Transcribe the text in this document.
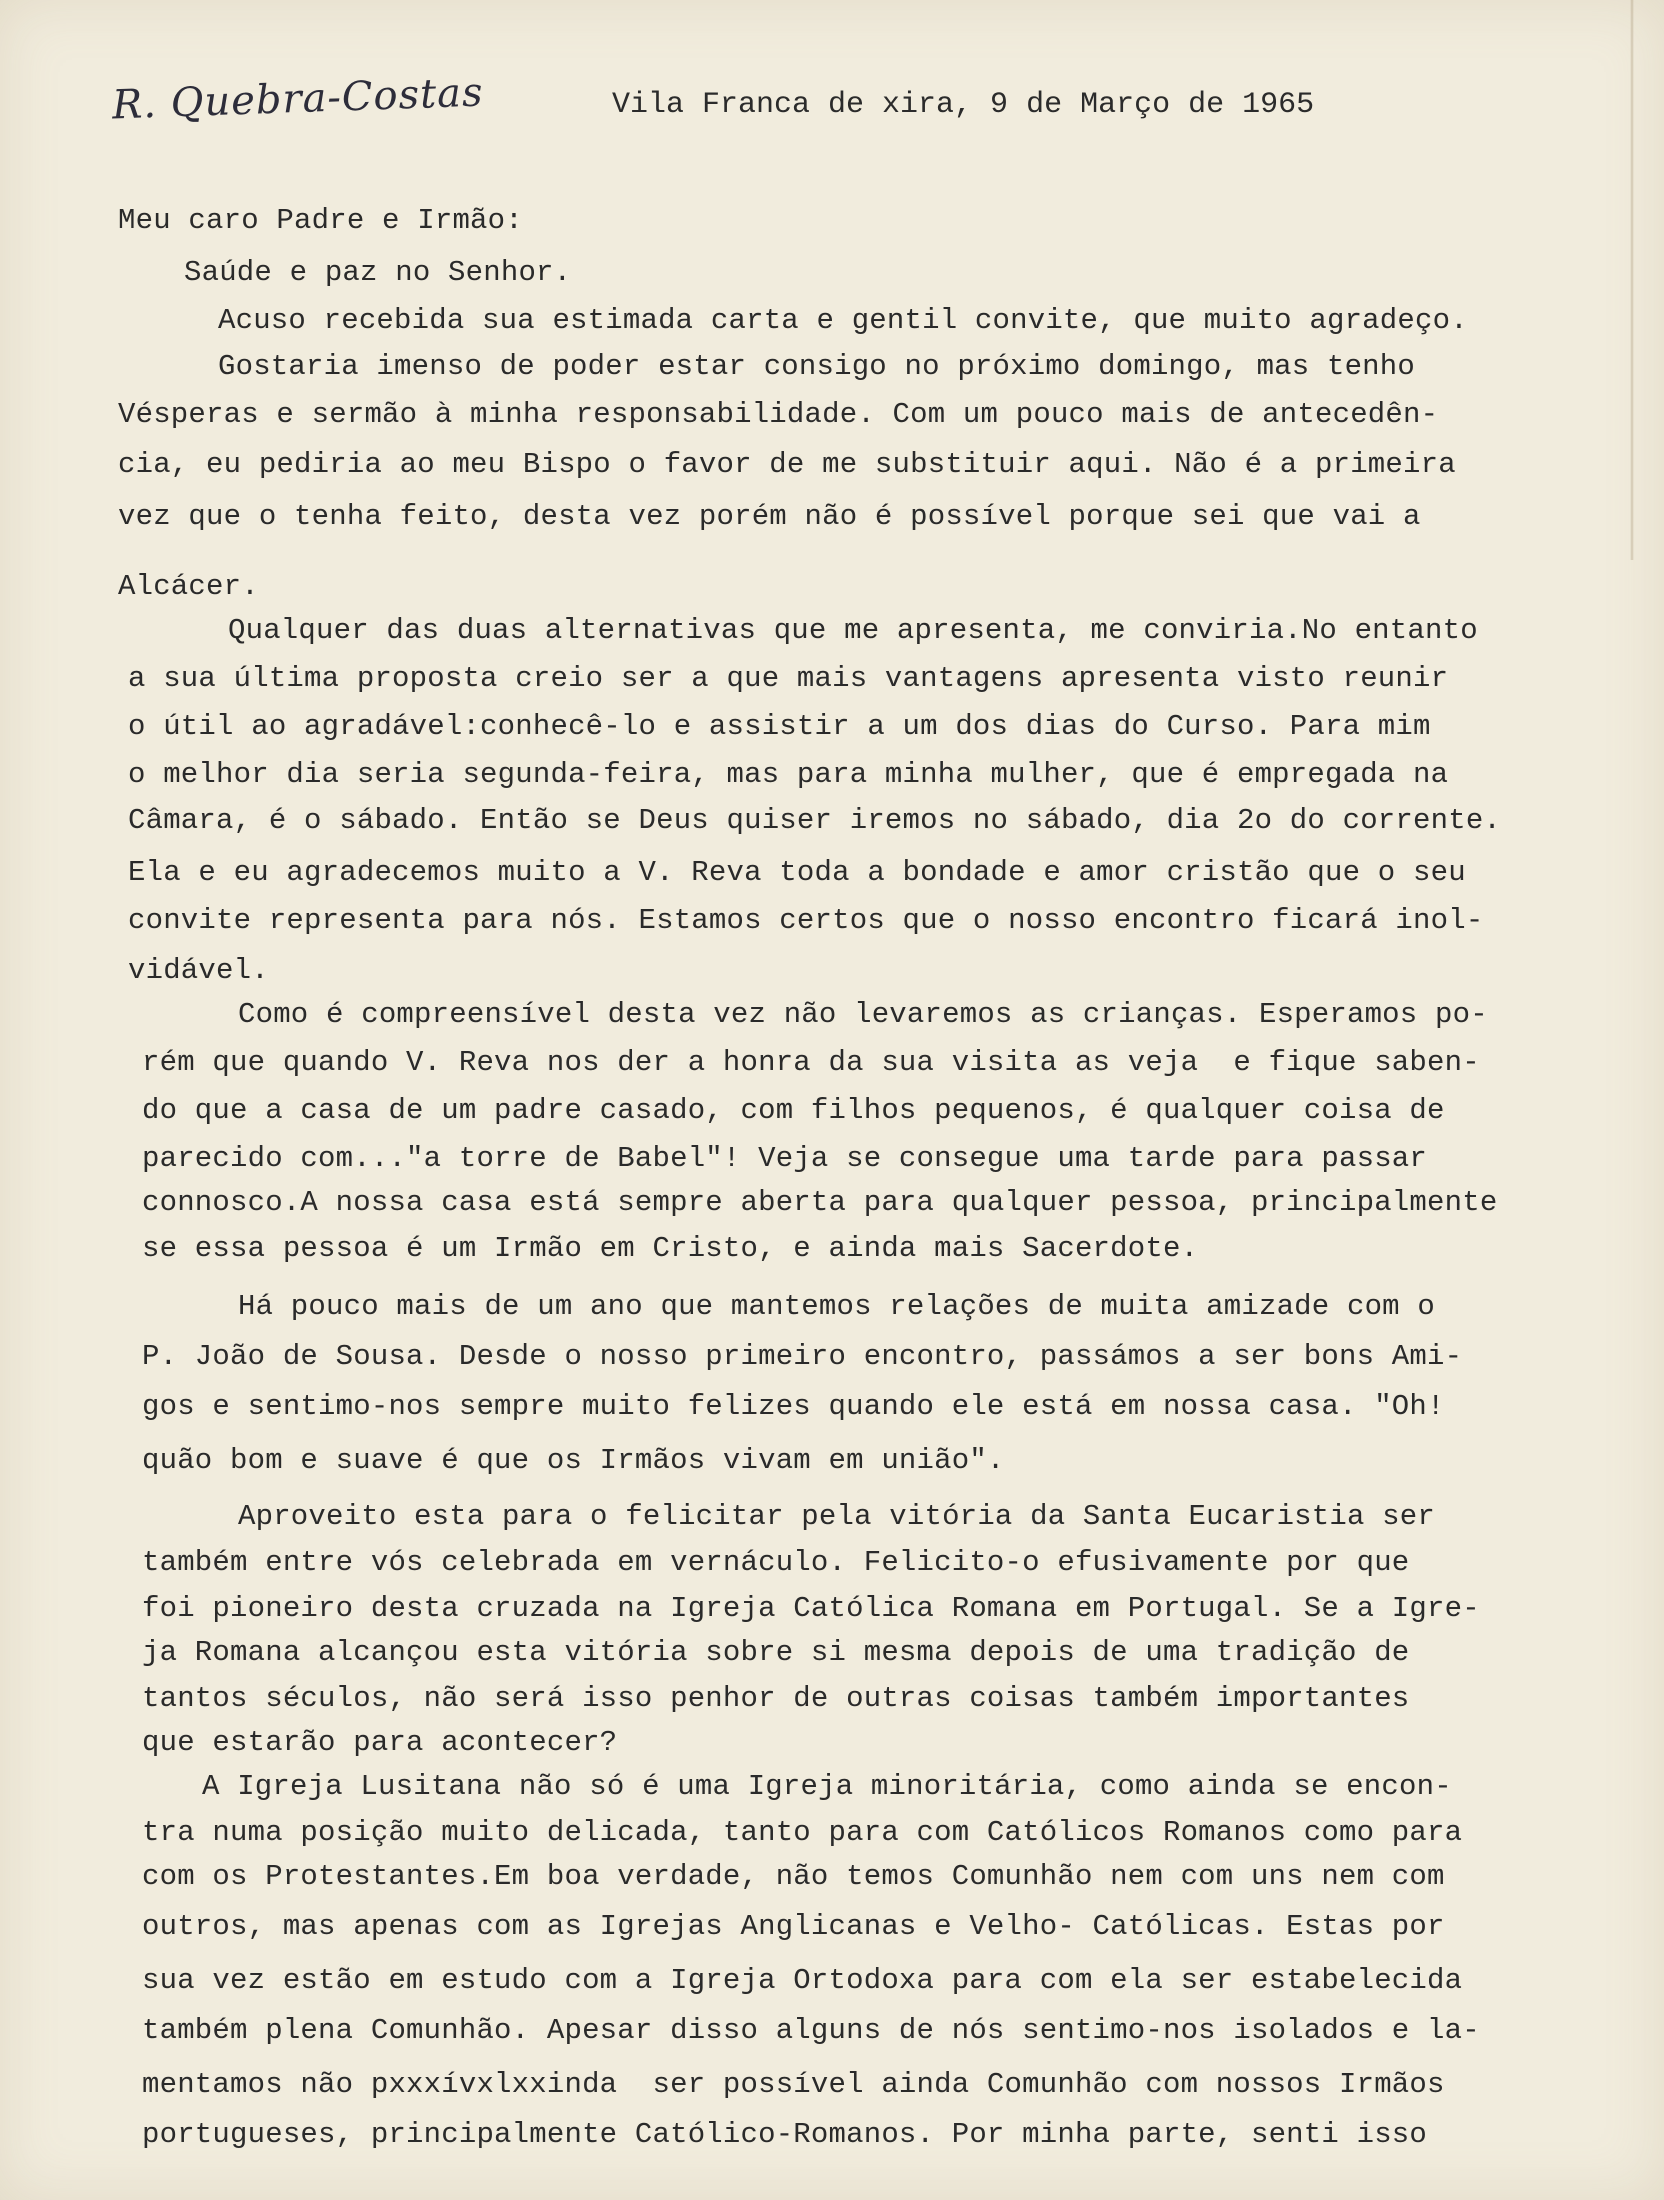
R. Quebra-Costas	Vila Franca de xira, 9 de Março de 1965
Meu caro Padre e Irmão:
Saúde e paz no Senhor.
Acuso recebida sua estimada carta e gentil convite, que muito agradeço.
Gostaria imenso de poder estar consigo no próximo domingo, mas tenho
Vésperas e sermão à minha responsabilidade. Com um pouco mais de antecedên-
cia, eu pediria ao meu Bispo o favor de me substituir aqui. Não é a primeira
vez que o tenha feito, desta vez porém não é possível porque sei que vai a
Alcácer.
Qualquer das duas alternativas que me apresenta, me conviria.No entanto
a sua última proposta creio ser a que mais vantagens apresenta visto reunir
o útil ao agradável:conhecê-lo e assistir a um dos dias do Curso. Para mim
o melhor dia seria segunda-feira, mas para minha mulher, que é empregada na
Câmara, é o sábado. Então se Deus quiser iremos no sábado, dia 2o do corrente.
Ela e eu agradecemos muito a V. Reva toda a bondade e amor cristão que o seu
convite representa para nós. Estamos certos que o nosso encontro ficará inol-
vidável.
Como é compreensível desta vez não levaremos as crianças. Esperamos po-
rém que quando V. Reva nos der a honra da sua visita as veja  e fique saben-
do que a casa de um padre casado, com filhos pequenos, é qualquer coisa de
parecido com..."a torre de Babel"! Veja se consegue uma tarde para passar
connosco.A nossa casa está sempre aberta para qualquer pessoa, principalmente
se essa pessoa é um Irmão em Cristo, e ainda mais Sacerdote.
Há pouco mais de um ano que mantemos relações de muita amizade com o
P. João de Sousa. Desde o nosso primeiro encontro, passámos a ser bons Ami-
gos e sentimo-nos sempre muito felizes quando ele está em nossa casa. "Oh!
quão bom e suave é que os Irmãos vivam em união".
Aproveito esta para o felicitar pela vitória da Santa Eucaristia ser
também entre vós celebrada em vernáculo. Felicito-o efusivamente por que
foi pioneiro desta cruzada na Igreja Católica Romana em Portugal. Se a Igre-
ja Romana alcançou esta vitória sobre si mesma depois de uma tradição de
tantos séculos, não será isso penhor de outras coisas também importantes
que estarão para acontecer?
A Igreja Lusitana não só é uma Igreja minoritária, como ainda se encon-
tra numa posição muito delicada, tanto para com Católicos Romanos como para
com os Protestantes.Em boa verdade, não temos Comunhão nem com uns nem com
outros, mas apenas com as Igrejas Anglicanas e Velho- Católicas. Estas por
sua vez estão em estudo com a Igreja Ortodoxa para com ela ser estabelecida
também plena Comunhão. Apesar disso alguns de nós sentimo-nos isolados e la-
mentamos não pxxxívxlxxinda  ser possível ainda Comunhão com nossos Irmãos
portugueses, principalmente Católico-Romanos. Por minha parte, senti isso
